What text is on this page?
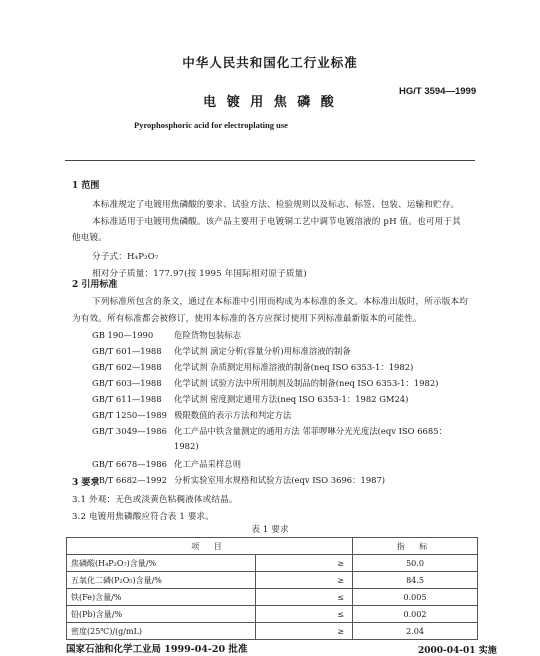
中华人民共和国化工行业标准
HG/T 3594—1999
电 镀 用 焦 磷 酸
Pyrophosphoric acid for electroplating use
1 范围
本标准规定了电镀用焦磷酸的要求、试验方法、检验规则以及标志、标签、包装、运输和贮存。
本标准适用于电镀用焦磷酸。该产品主要用于电镀铜工艺中调节电镀溶液的 pH 值。也可用于其
他电镀。
分子式：H₄P₂O₇
相对分子质量：177.97(按 1995 年国际相对原子质量)
2 引用标准
下列标准所包含的条文，通过在本标准中引用而构成为本标准的条文。本标准出版时，所示版本均
为有效。所有标准都会被修订，使用本标准的各方应探讨使用下列标准最新版本的可能性。
GB 190—1990 危险货物包装标志
GB/T 601—1988 化学试剂 滴定分析(容量分析)用标准溶液的制备
GB/T 602—1988 化学试剂 杂质测定用标准溶液的制备(neq ISO 6353-1：1982)
GB/T 603—1988 化学试剂 试验方法中所用制剂及制品的制备(neq ISO 6353-1：1982)
GB/T 611—1988 化学试剂 密度测定通用方法(neq ISO 6353-1：1982 GM24)
GB/T 1250—1989 极限数值的表示方法和判定方法
GB/T 3049—1986 化工产品中铁含量测定的通用方法 邻菲啰啉分光光度法(eqv ISO 6685：
1982)
GB/T 6678—1986 化工产品采样总则
GB/T 6682—1992 分析实验室用水规格和试验方法(eqv ISO 3696：1987)
3 要求
3.1 外观：无色或淡黄色粘稠液体或结晶。
3.2 电镀用焦磷酸应符合表 1 要求。
表 1 要求
项 目		指 标
焦磷酸(H₄P₂O₇)含量/%	≥	50.0
五氧化二磷(P₂O₅)含量/%	≥	84.5
铁(Fe)含量/%	≤	0.005
铅(Pb)含量/%	≤	0.002
密度(25℃)/(g/mL)	≥	2.04
国家石油和化学工业局 1999-04-20 批准	2000-04-01 实施
